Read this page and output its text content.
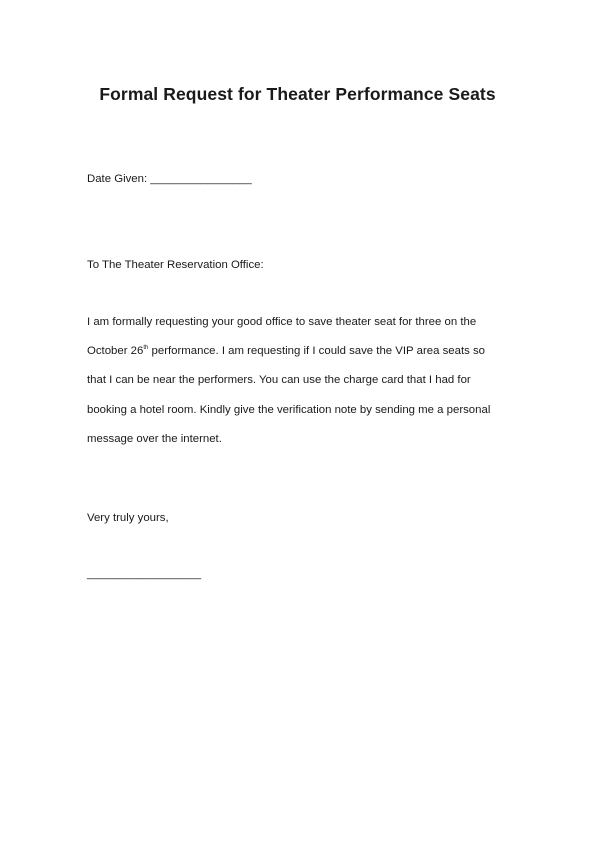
Formal Request for Theater Performance Seats
Date Given: ________________
To The Theater Reservation Office:
I am formally requesting your good office to save theater seat for three on the
October 26th performance. I am requesting if I could save the VIP area seats so
that I can be near the performers. You can use the charge card that I had for
booking a hotel room. Kindly give the verification note by sending me a personal
message over the internet.
Very truly yours,
__________________
